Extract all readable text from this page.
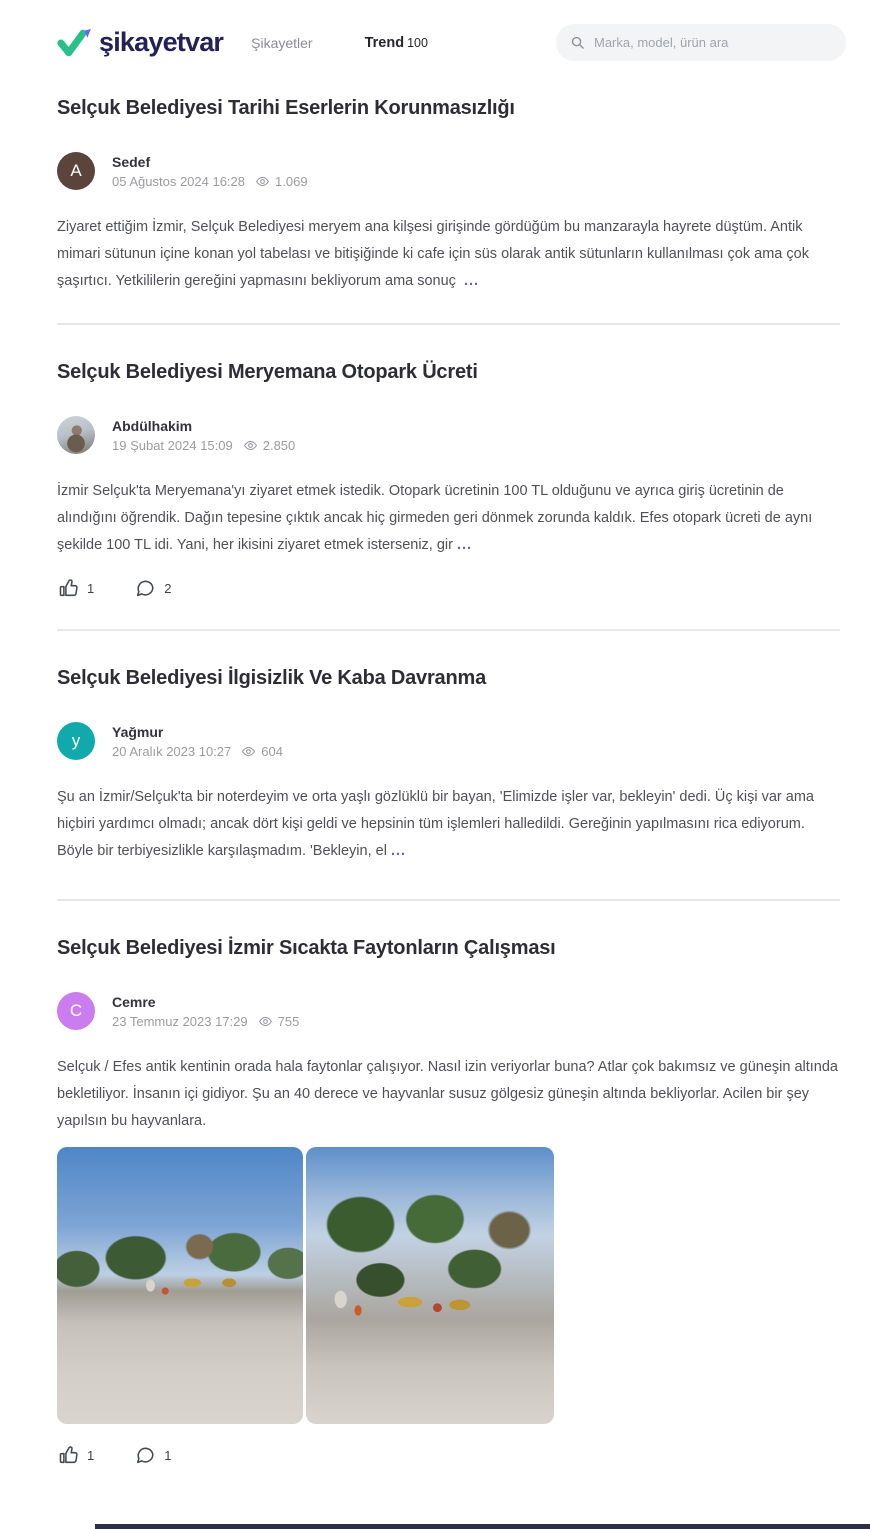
şikayetvar Şikayetler	Trend 100
Marka, model, ürün ara
Selçuk Belediyesi Tarihi Eserlerin Korunmasızlığı
A	Sedef
05 Ağustos 2024 16:28 1.069

Ziyaret ettiğim İzmir, Selçuk Belediyesi meryem ana kilşesi girişinde gördüğüm bu manzarayla hayrete düştüm. Antik mimari sütunun içine konan yol tabelası ve bitişiğinde ki cafe için süs olarak antik sütunların kullanılması çok ama çok şaşırtıcı. Yetkililerin gereğini yapmasını bekliyorum ama sonuç ...

Selçuk Belediyesi Meryemana Otopark Ücreti
Abdülhakim
19 Şubat 2024 15:09 2.850

İzmir Selçuk'ta Meryemana'yı ziyaret etmek istedik. Otopark ücretinin 100 TL olduğunu ve ayrıca giriş ücretinin de alındığını öğrendik. Dağın tepesine çıktık ancak hiç girmeden geri dönmek zorunda kaldık. Efes otopark ücreti de aynı şekilde 100 TL idi. Yani, her ikisini ziyaret etmek isterseniz, gir ...

1	2
Selçuk Belediyesi İlgisizlik Ve Kaba Davranma
y	Yağmur
20 Aralık 2023 10:27 604

Şu an İzmir/Selçuk'ta bir noterdeyim ve orta yaşlı gözlüklü bir bayan, 'Elimizde işler var, bekleyin' dedi. Üç kişi var ama hiçbiri yardımcı olmadı; ancak dört kişi geldi ve hepsinin tüm işlemleri halledildi. Gereğinin yapılmasını rica ediyorum. Böyle bir terbiyesizlikle karşılaşmadım. 'Bekleyin, el ...

Selçuk Belediyesi İzmir Sıcakta Faytonların Çalışması
C	Cemre
23 Temmuz 2023 17:29 755

Selçuk / Efes antik kentinin orada hala faytonlar çalışıyor. Nasıl izin veriyorlar buna? Atlar çok bakımsız ve güneşin altında bekletiliyor. İnsanın içi gidiyor. Şu an 40 derece ve hayvanlar susuz gölgesiz güneşin altında bekliyorlar. Acilen bir şey yapılsın bu hayvanlara.

1	1
